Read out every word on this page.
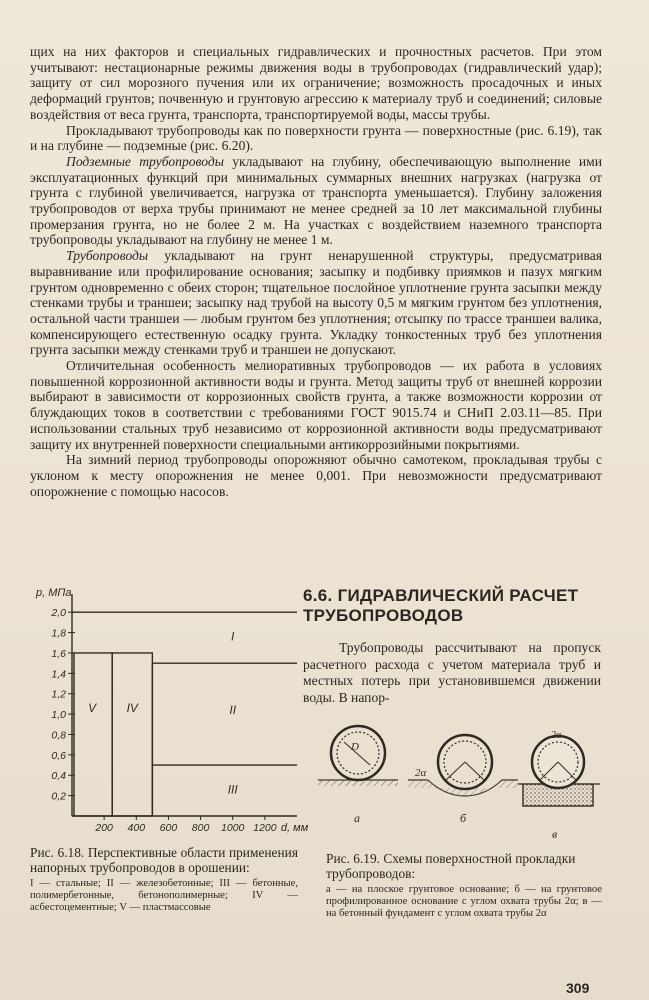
щих на них факторов и специальных гидравлических и прочностных расчетов. При этом учитывают: нестационарные режимы движения воды в трубопроводах (гидравлический удар); защиту от сил морозного пучения или их ограничение; возможность просадочных и иных деформаций грунтов; почвенную и грунтовую агрессию к материалу труб и соединений; силовые воздействия от веса грунта, транспорта, транспортируемой воды, массы трубы.

Прокладывают трубопроводы как по поверхности грунта — поверхностные (рис. 6.19), так и на глубине — подземные (рис. 6.20).

Подземные трубопроводы укладывают на глубину, обеспечивающую выполнение ими эксплуатационных функций при минимальных суммарных внешних нагрузках (нагрузка от грунта с глубиной увеличивается, нагрузка от транспорта уменьшается). Глубину заложения трубопроводов от верха трубы принимают не менее средней за 10 лет максимальной глубины промерзания грунта, но не более 2 м. На участках с воздействием наземного транспорта трубопроводы укладывают на глубину не менее 1 м.

Трубопроводы укладывают на грунт ненарушенной структуры, предусматривая выравнивание или профилирование основания; засыпку и подбивку приямков и пазух мягким грунтом одновременно с обеих сторон; тщательное послойное уплотнение грунта засыпки между стенками трубы и траншеи; засыпку над трубой на высоту 0,5 м мягким грунтом без уплотнения, остальной части траншеи — любым грунтом без уплотнения; отсыпку по трассе траншеи валика, компенсирующего естественную осадку грунта. Укладку тонкостенных труб без уплотнения грунта засыпки между стенками труб и траншеи не допускают.

Отличительная особенность мелиоративных трубопроводов — их работа в условиях повышенной коррозионной активности воды и грунта. Метод защиты труб от внешней коррозии выбирают в зависимости от коррозионных свойств грунта, а также возможности коррозии от блуждающих токов в соответствии с требованиями ГОСТ 9015.74 и СНиП 2.03.11—85. При использовании стальных труб независимо от коррозионной активности воды предусматривают защиту их внутренней поверхности специальными антикоррозийными покрытиями.

На зимний период трубопроводы опорожняют обычно самотеком, прокладывая трубы с уклоном к месту опорожнения не менее 0,001. При невозможности предусматривают опорожнение с помощью насосов.

p, МПа
0,2
0,4
0,6
0,8
1,0
1,2
1,4
1,6
1,8
2,0
200 400 600 800 1000 1200 d, мм
I
II
III
IV
V
6.6. ГИДРАВЛИЧЕСКИЙ РАСЧЕТ
ТРУБОПРОВОДОВ

Трубопроводы рассчитывают на пропуск расчетного расхода с учетом материала труб и местных потерь при установившемся движении воды. В напор-

D
а
2α
б
2α
в
Рис. 6.18. Перспективные области применения напорных трубопроводов в орошении:
I — стальные; II — железобетонные; III — бетонные, полимербетонные, бетонополимерные; IV — асбестоцементные; V — пластмассовые
Рис. 6.19. Схемы поверхностной прокладки трубопроводов:
а — на плоское грунтовое основание; б — на грунтовое профилированное основание с углом охвата трубы 2α; в — на бетонный фундамент с углом охвата трубы 2α
309
